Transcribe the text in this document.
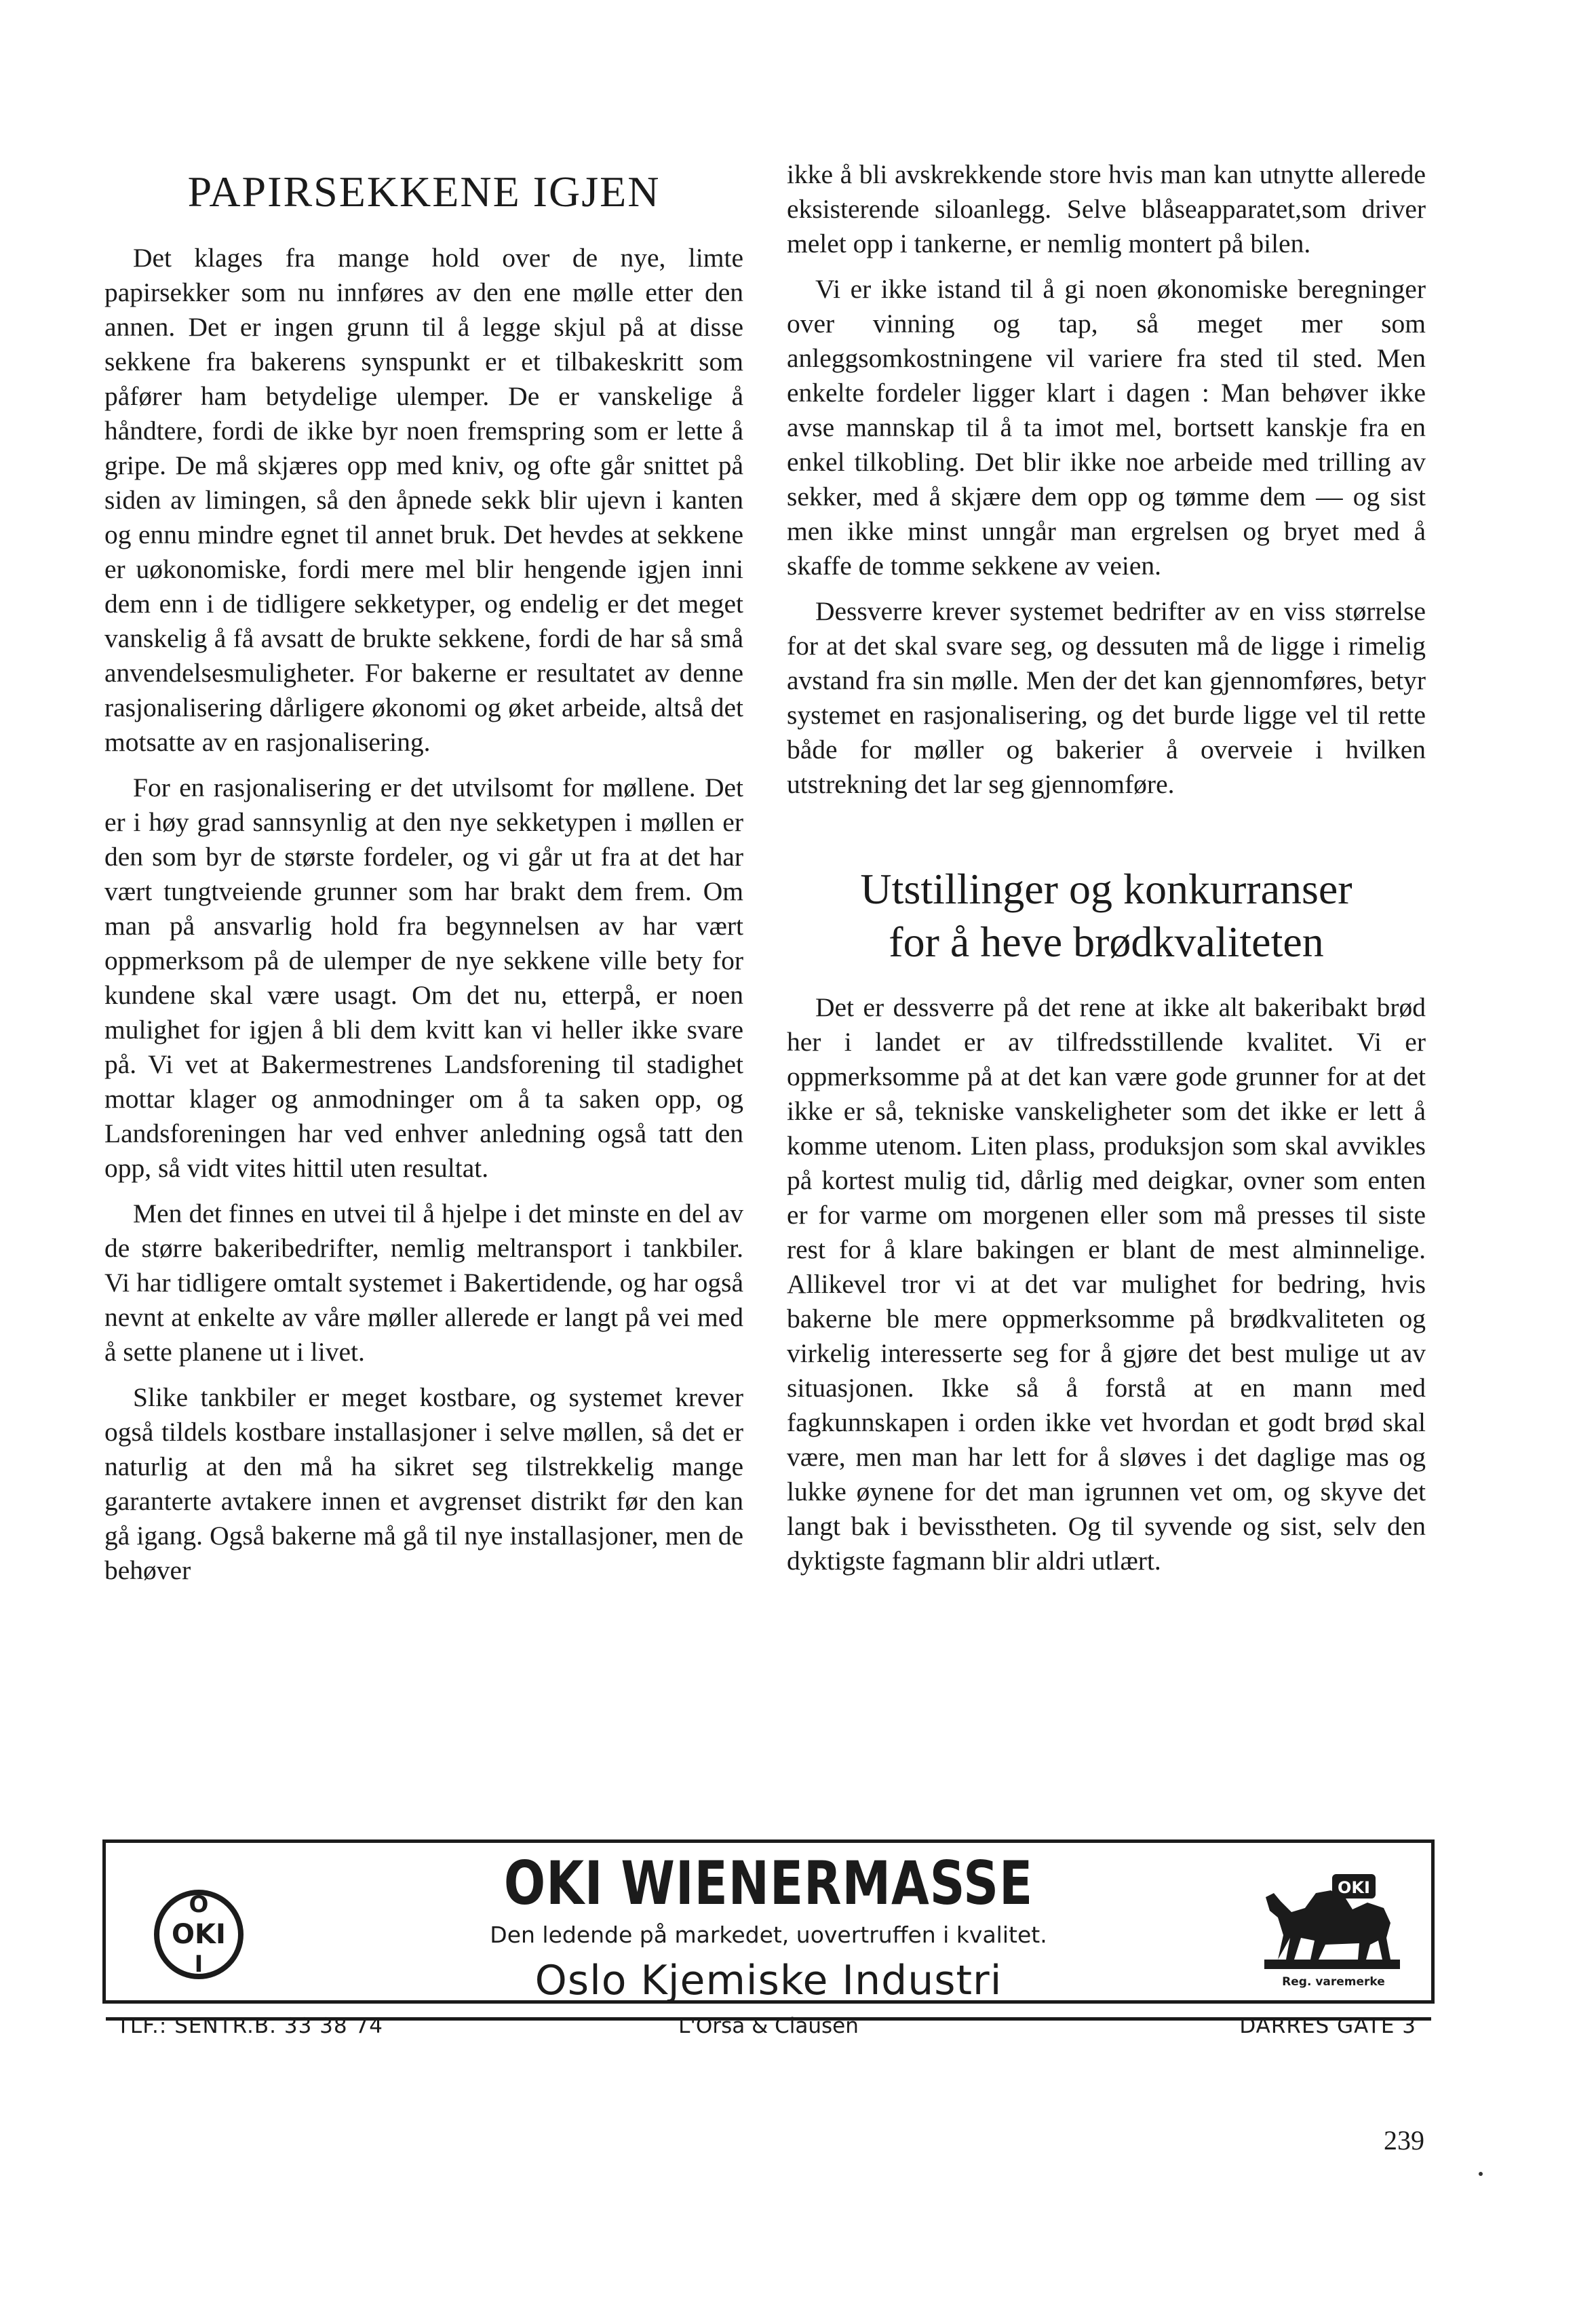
PAPIRSEKKENE IGJEN

Det klages fra mange hold over de nye, limte papirsekker som nu innføres av den ene mølle etter den annen. Det er ingen grunn til å legge skjul på at disse sekkene fra bakerens synspunkt er et tilbakeskritt som påfører ham betydelige ulemper. De er vanskelige å håndtere, fordi de ikke byr noen fremspring som er lette å gripe. De må skjæres opp med kniv, og ofte går snittet på siden av limingen, så den åpnede sekk blir ujevn i kanten og ennu mindre egnet til annet bruk. Det hevdes at sekkene er uøkonomiske, fordi mere mel blir hengende igjen inni dem enn i de tidligere sekketyper, og endelig er det meget vanskelig å få avsatt de brukte sekkene, fordi de har så små anvendelsesmuligheter. For bakerne er resultatet av denne rasjonalisering dårligere økonomi og øket arbeide, altså det motsatte av en rasjonalisering.

For en rasjonalisering er det utvilsomt for møllene. Det er i høy grad sannsynlig at den nye sekketypen i møllen er den som byr de største fordeler, og vi går ut fra at det har vært tungtveiende grunner som har brakt dem frem. Om man på ansvarlig hold fra begynnelsen av har vært oppmerksom på de ulemper de nye sekkene ville bety for kundene skal være usagt. Om det nu, etterpå, er noen mulighet for igjen å bli dem kvitt kan vi heller ikke svare på. Vi vet at Bakermestrenes Landsforening til stadighet mottar klager og anmodninger om å ta saken opp, og Landsforeningen har ved enhver anledning også tatt den opp, så vidt vites hittil uten resultat.

Men det finnes en utvei til å hjelpe i det minste en del av de større bakeribedrifter, nemlig meltransport i tankbiler. Vi har tidligere omtalt systemet i Bakertidende, og har også nevnt at enkelte av våre møller allerede er langt på vei med å sette planene ut i livet.

Slike tankbiler er meget kostbare, og systemet krever også tildels kostbare installasjoner i selve møllen, så det er naturlig at den må ha sikret seg tilstrekkelig mange garanterte avtakere innen et avgrenset distrikt før den kan gå igang. Også bakerne må gå til nye installasjoner, men de behøver

ikke å bli avskrekkende store hvis man kan utnytte allerede eksisterende siloanlegg. Selve blåseapparatet,som driver melet opp i tankerne, er nemlig montert på bilen.

Vi er ikke istand til å gi noen økonomiske beregninger over vinning og tap, så meget mer som anleggsomkostningene vil variere fra sted til sted. Men enkelte fordeler ligger klart i dagen : Man behøver ikke avse mannskap til å ta imot mel, bortsett kanskje fra en enkel tilkobling. Det blir ikke noe arbeide med trilling av sekker, med å skjære dem opp og tømme dem — og sist men ikke minst unngår man ergrelsen og bryet med å skaffe de tomme sekkene av veien.

Dessverre krever systemet bedrifter av en viss størrelse for at det skal svare seg, og dessuten må de ligge i rimelig avstand fra sin mølle. Men der det kan gjennomføres, betyr systemet en rasjonalisering, og det burde ligge vel til rette både for møller og bakerier å overveie i hvilken utstrekning det lar seg gjennomføre.

Utstillinger og konkurranser
for å heve brødkvaliteten

Det er dessverre på det rene at ikke alt bakeribakt brød her i landet er av tilfredsstillende kvalitet. Vi er oppmerksomme på at det kan være gode grunner for at det ikke er så, tekniske vanskeligheter som det ikke er lett å komme utenom. Liten plass, produksjon som skal avvikles på kortest mulig tid, dårlig med deigkar, ovner som enten er for varme om morgenen eller som må presses til siste rest for å klare bakingen er blant de mest alminnelige. Allikevel tror vi at det var mulighet for bedring, hvis bakerne ble mere oppmerksomme på brødkvaliteten og virkelig interesserte seg for å gjøre det best mulige ut av situasjonen. Ikke så å forstå at en mann med fagkunnskapen i orden ikke vet hvordan et godt brød skal være, men man har lett for å sløves i det daglige mas og lukke øynene for det man igrunnen vet om, og skyve det langt bak i bevisstheten. Og til syvende og sist, selv den dyktigste fagmann blir aldri utlært.

O
OKI
I
OKI WIENERMASSE
Den ledende på markedet, uovertruffen i kvalitet.
Oslo Kjemiske Industri
OKI
Reg. varemerke
TLF.: SENTR.B. 33 38 74	L'Orsa & Clausen	DARRES GATE 3
239
